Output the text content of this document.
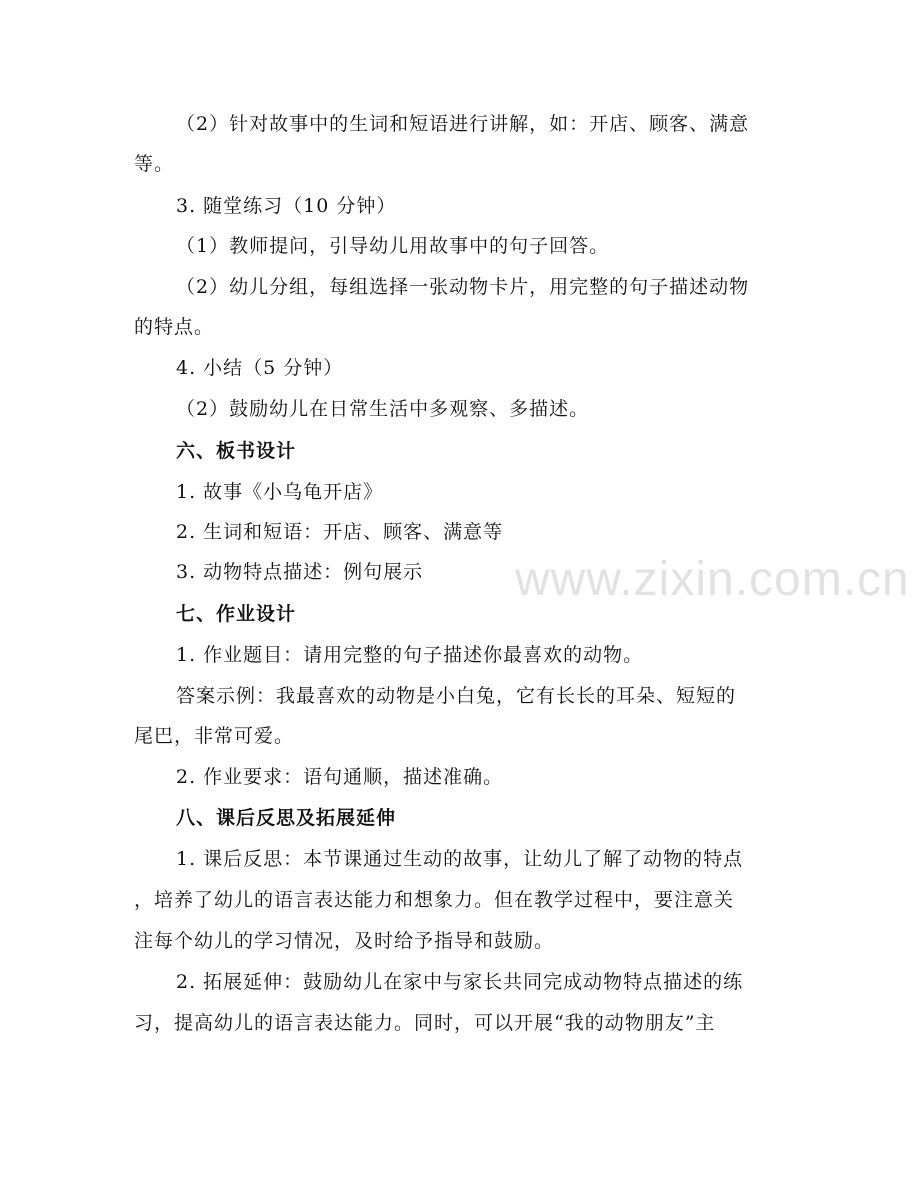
www.zixin.com.cn
（2）针对故事中的生词和短语进行讲解，如：开店、顾客、满意
等。
3. 随堂练习（10 分钟）
（1）教师提问，引导幼儿用故事中的句子回答。
（2）幼儿分组，每组选择一张动物卡片，用完整的句子描述动物
的特点。
4. 小结（5 分钟）
（2）鼓励幼儿在日常生活中多观察、多描述。
六、板书设计
1. 故事《小乌龟开店》
2. 生词和短语：开店、顾客、满意等
3. 动物特点描述：例句展示
七、作业设计
1. 作业题目：请用完整的句子描述你最喜欢的动物。
答案示例：我最喜欢的动物是小白兔，它有长长的耳朵、短短的
尾巴，非常可爱。
2. 作业要求：语句通顺，描述准确。
八、课后反思及拓展延伸
1. 课后反思：本节课通过生动的故事，让幼儿了解了动物的特点
，培养了幼儿的语言表达能力和想象力。但在教学过程中，要注意关
注每个幼儿的学习情况，及时给予指导和鼓励。
2. 拓展延伸：鼓励幼儿在家中与家长共同完成动物特点描述的练
习，提高幼儿的语言表达能力。同时，可以开展“我的动物朋友”主
